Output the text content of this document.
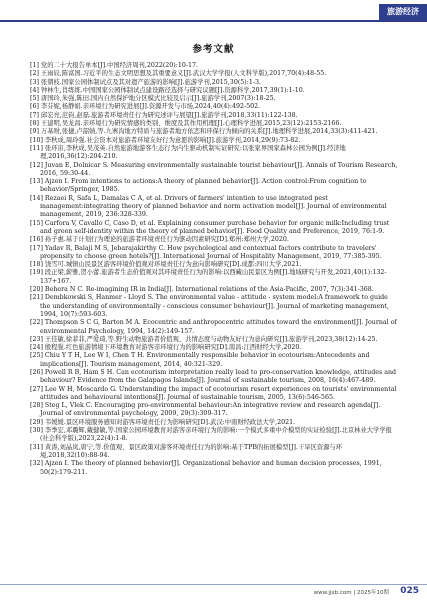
旅游经济
参考文献
[1] 党的二十大报告单本[J].中国经济周刊,2022(20):10-17.
[2] 王雨辰,陈富国.习近平的生态文明思想及其重要意义[J].武汉大学学报(人文科学版),2017,70(4):48-55.
[3] 张朝枝.国家公园体制试点及其对遗产旅游的影响[J].旅游学刊,2015,30(5):1-3.
[4] 钟林生,肖练练.中国国家公园体制试点建设路径选择与研究议题[J].资源科学,2017,39(1):1-10.
[5] 唐国玲,朱强,陈田.国内自然保护地分区模式比较及启示[J].旅游学刊,2007(3):18-25.
[6] 李芬妮,杨静娟.亲环境行为研究进展[J].资源开发与市场,2024,40(4):492-502.
[7] 邱宏亮,范钧,赵磊.旅游者环境责任行为研究述评与展望[J].旅游学刊,2018,33(11):122-138.
[8] 王建明,吴龙昌.亲环境行为研究情感的类别、维度及其作用机理[J].心理科学进展,2015,23(12):2153-2166.
[9] 万基财,张捷,卢韶婧,等.九寨沟地方特质与旅游者地方依恋和环保行为倾向的关系[J].地理科学进展,2014,33(3):411-421.
[10] 李秋成,周玲强.社会资本对旅游者环境友好行为意愿的影响[J].旅游学刊,2014,29(9):73-82.
[11] 张环宙,李秋成,吴茂英.自然旅游地游客生态行为内生驱动机制实证研究:以张家界国家森林公园为例[J].经济地理,2016,36(12):204-210.
[12] Juvan E, Dolnicar S. Measuring environmentally sustainable tourist behaviour[J]. Annals of Tourism Research, 2016, 59:30-44.
[13] Ajzen I. From intentions to actions:A theory of planned behavior[J]. Action control:From cognition to behavior/Springer, 1985.
[14] Rezaei R, Safa L, Damalas C A, et al. Drivers of farmers' intention to use integrated pest management:integrating theory of planned behavior and norm activation model[J]. Journal of environmental management, 2019, 236:328-339.
[15] Carfora V, Cavallo C, Caso D, et al. Explaining consumer purchase behavior for organic milk:Including trust and green self-identity within the theory of planned behavior[J]. Food Quality and Preference, 2019, 76:1-9.
[16] 孙子惠.基于计划行为理论的旅游者环境责任行为驱动因素研究[D].郑州:郑州大学,2020.
[17] Yadav R, Balaji M S, Jebarajakirthy C. How psychological and contextual factors contribute to travelers' propensity to choose green hotels?[J]. International Journal of Hospitality Management, 2019, 77:385-395.
[18] 饶雪可.城镇山民景区游客环境价值观对环境责任行为意向影响研究[D].成都:四川大学,2021.
[19] 段正梁,薪雅,贺小蕾.旅游者生态价值观对其环境责任行为的影响:以西藏山民景区为例[J].地域研究与开发,2021,40(1):132-137+167.
[20] Behera N C. Re-imagining IR in India[J]. International relations of the Asia-Pacific, 2007, 7(3):341-368.
[21] Dembkowski S, Hanmer - Lloyd S. The environmental value - attitude - system model:A framework to guide the understanding of environmentally - conscious consumer behaviour[J]. Journal of marketing management, 1994, 10(7):593-603.
[22] Thompson S C G, Barton M A. Ecocentric and anthropocentric attitudes toward the environment[J]. Journal of environmental Psychology, 1994, 14(2):149-157.
[23] 王佳敏,徐菲菲,严爱琦,等.野生动物旅游者价值观、共情态度与动物友好行为意向研究[J].旅游学刊,2023,38(12):14-25.
[24] 殷程强.红色旅游情境下环境教育对游客亲环境行为的影响研究[D].南昌:江西财经大学,2020.
[25] Chiu Y T H, Lee W I, Chen T H. Environmentally responsible behavior in ecotourism:Antecedents and implications[J]. Tourism management, 2014, 40:321-329.
[26] Powell R B, Ham S H. Can ecotourism interpretation really lead to pro-conservation knowledge, attitudes and behaviour? Evidence from the Galapagos Islands[J]. Journal of sustainable tourism, 2008, 16(4):467-489.
[27] Lee W H, Moscardo G. Understanding the impact of ecotourism resort experiences on tourists' environmental attitudes and behavioural intentions[J]. Journal of sustainable tourism, 2005, 13(6):546-565.
[28] Steg L, Vlek C. Encouraging pro-environmental behaviour:An integrative review and research agenda[J]. Journal of environmental psychology, 2009, 29(3):309-317.
[29] 韦媛媛.景区环境服务感知对游客环境责任行为影响研究[D].武汉:中南财经政法大学,2021.
[30] 李季宏,邓璐辉,戴健敏,等.国家公园环境教育对游客亲环境行为的影响:一个模式多重中介模型的实证检验[J].北京林业大学学报(社会科学版),2023,22(4):1-8.
[31] 黄涛,刘晶岚,唐宁,等.价值观、景区政策对游客环境责任行为的影响:基于TPB的拓展模型[J].干旱区资源与环境,2018,32(10):88-94.
[32] Ajzen I. The theory of planned behavior[J]. Organizational behavior and human decision processes, 1991, 50(2):179-211.
www.jjxb.com | 2025年10期 025
